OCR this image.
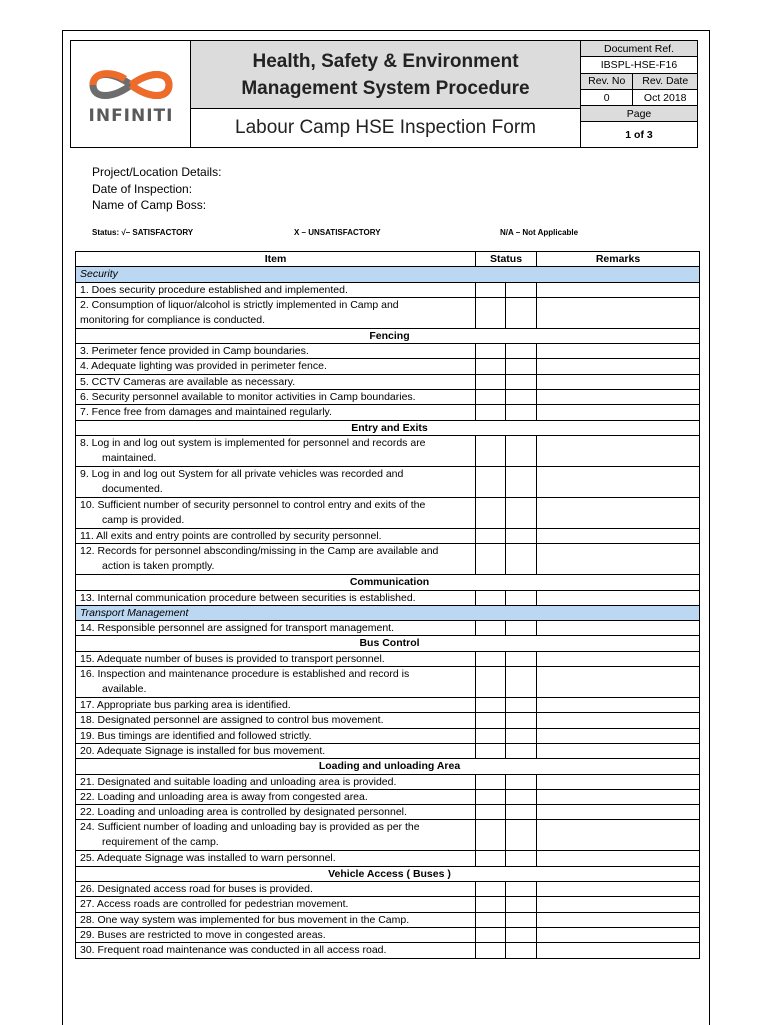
INFINITI

Health, Safety & Environment
Management System Procedure

Document Ref.
IBSPL-HSE-F16
Rev. No	Rev. Date
0	Oct 2018
Page
1 of 3

Labour Camp HSE Inspection Form
Project/Location Details:
Date of Inspection:
Name of Camp Boss:
Status: √– SATISFACTORY	X – UNSATISFACTORY	N/A – Not Applicable
Item	Status		Remarks
Security			

1. Does security procedure established and implemented.			

2. Consumption of liquor/alcohol is strictly implemented in Camp and
monitoring for compliance is conducted.			

Fencing			

3. Perimeter fence provided in Camp boundaries.			

4. Adequate lighting was provided in perimeter fence.			

5. CCTV Cameras are available as necessary.			

6. Security personnel available to monitor activities in Camp boundaries.			

7. Fence free from damages and maintained regularly.			

Entry and Exits			

8. Log in and log out system is implemented for personnel and records are
maintained.			

9. Log in and log out System for all private vehicles was recorded and
documented.			

10. Sufficient number of security personnel to control entry and exits of the
camp is provided.			

11. All exits and entry points are controlled by security personnel.			

12. Records for personnel absconding/missing in the Camp are available and
action is taken promptly.			

Communication			

13. Internal communication procedure between securities is established.			

Transport Management			

14. Responsible personnel are assigned for transport management.			

Bus Control			

15. Adequate number of buses is provided to transport personnel.			

16. Inspection and maintenance procedure is established and record is
available.			

17. Appropriate bus parking area is identified.			

18. Designated personnel are assigned to control bus movement.			

19. Bus timings are identified and followed strictly.			

20. Adequate Signage is installed for bus movement.			

Loading and unloading Area			

21. Designated and suitable loading and unloading area is provided.			

22. Loading and unloading area is away from congested area.			

22. Loading and unloading area is controlled by designated personnel.			

24. Sufficient number of loading and unloading bay is provided as per the
requirement of the camp.			

25. Adequate Signage was installed to warn personnel.			

Vehicle Access ( Buses )			

26. Designated access road for buses is provided.			

27. Access roads are controlled for pedestrian movement.			

28. One way system was implemented for bus movement in the Camp.			

29. Buses are restricted to move in congested areas.			

30. Frequent road maintenance was conducted in all access road.			
